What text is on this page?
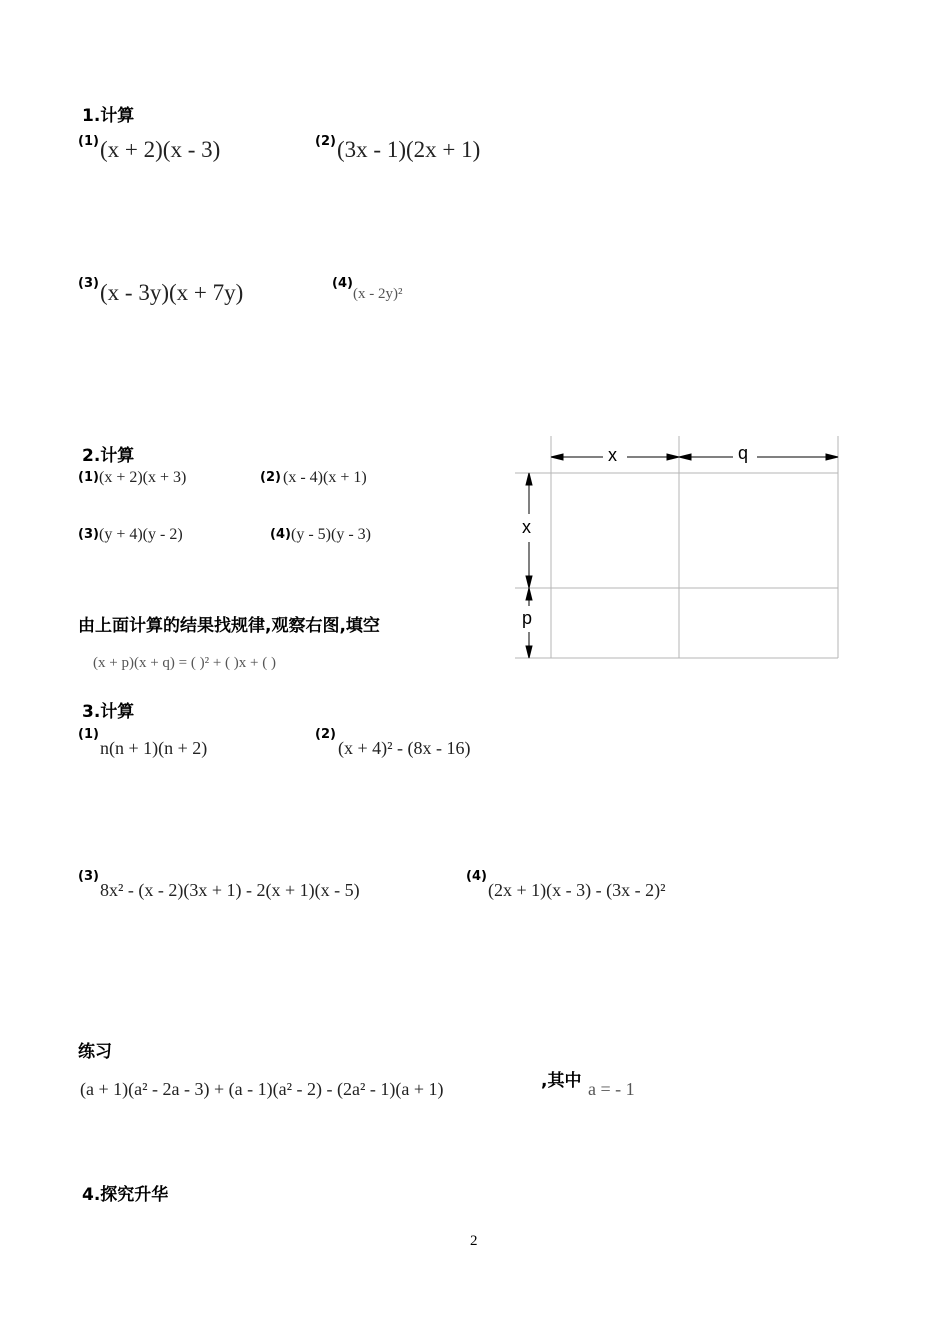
1.计算
(1) (x + 2)(x - 3)	(2) (3x - 1)(2x + 1)
(3) (x - 3y)(x + 7y)	(4)
(x - 2y)²
2.计算
(1) (x + 2)(x + 3)	(2) (x - 4)(x + 1)
(3) (y + 4)(y - 2)	(4) (y - 5)(y - 3)
由上面计算的结果找规律,观察右图,填空
(x + p)(x + q) = ( )² + ( )x + ( )
x	q
x
p
3.计算
(1)
n(n + 1)(n + 2)
(2)
(x + 4)² - (8x - 16)
(3)
8x² - (x - 2)(3x + 1) - 2(x + 1)(x - 5)
(4)
(2x + 1)(x - 3) - (3x - 2)²
练习
(a + 1)(a² - 2a - 3) + (a - 1)(a² - 2) - (2a² - 1)(a + 1)	,其中 a = - 1
4.探究升华
2
